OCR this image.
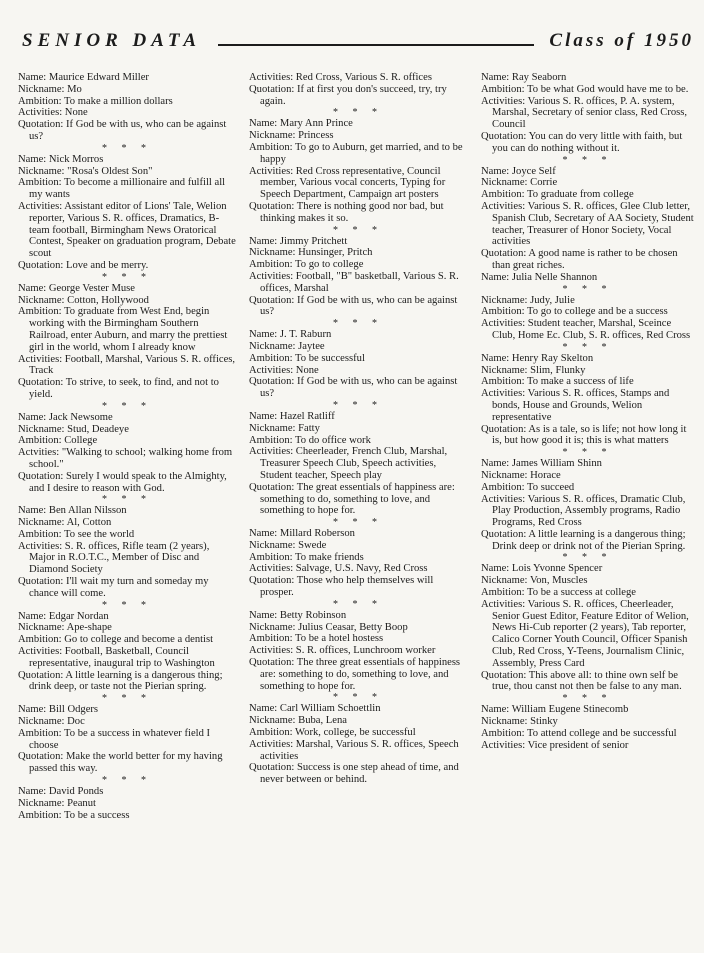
SENIOR DATA	Class of 1950
Name: Maurice Edward Miller
Nickname: Mo
Ambition: To make a million dollars
Activities: None
Quotation: If God be with us, who can be against us?
* * *
Name: Nick Morros
Nickname: "Rosa's Oldest Son"
Ambition: To become a millionaire and fulfill all my wants
Activities: Assistant editor of Lions' Tale, Welion reporter, Various S. R. offices, Dramatics, B-team football, Birmingham News Oratorical Contest, Speaker on graduation program, Debate scout
Quotation: Love and be merry.
* * *
Name: George Vester Muse
Nickname: Cotton, Hollywood
Ambition: To graduate from West End, begin working with the Birmingham Southern Railroad, enter Auburn, and marry the prettiest girl in the world, whom I already know
Activities: Football, Marshal, Various S. R. offices, Track
Quotation: To strive, to seek, to find, and not to yield.
* * *
Name: Jack Newsome
Nickname: Stud, Deadeye
Ambition: College
Actvities: "Walking to school; walking home from school."
Quotation: Surely I would speak to the Almighty, and I desire to reason with God.
* * *
Name: Ben Allan Nilsson
Nickname: Al, Cotton
Ambition: To see the world
Activities: S. R. offices, Rifle team (2 years), Major in R.O.T.C., Member of Disc and Diamond Society
Quotation: I'll wait my turn and someday my chance will come.
* * *
Name: Edgar Nordan
Nickname: Ape-shape
Ambition: Go to college and become a dentist
Activities: Football, Basketball, Council representative, inaugural trip to Washington
Quotation: A little learning is a dangerous thing; drink deep, or taste not the Pierian spring.
* * *
Name: Bill Odgers
Nickname: Doc
Ambition: To be a success in whatever field I choose
Quotation: Make the world better for my having passed this way.
* * *
Name: David Ponds
Nickname: Peanut
Ambition: To be a success
Activities: Red Cross, Various S. R. offices
Quotation: If at first you don's succeed, try, try again.
* * *
Name: Mary Ann Prince
Nickname: Princess
Ambition: To go to Auburn, get married, and to be happy
Activities: Red Cross representative, Council member, Various vocal concerts, Typing for Speech Department, Campaign art posters
Quotation: There is nothing good nor bad, but thinking makes it so.
* * *
Name: Jimmy Pritchett
Nickname: Hunsinger, Pritch
Ambition: To go to college
Activities: Football, "B" basketball, Various S. R. offices, Marshal
Quotation: If God be with us, who can be against us?
* * *
Name: J. T. Raburn
Nickname: Jaytee
Ambition: To be successful
Activities: None
Quotation: If God be with us, who can be against us?
* * *
Name: Hazel Ratliff
Nickname: Fatty
Ambition: To do office work
Activities: Cheerleader, French Club, Marshal, Treasurer Speech Club, Speech activities, Student teacher, Speech play
Quotation: The great essentials of happiness are: something to do, something to love, and something to hope for.
* * *
Name: Millard Roberson
Nickname: Swede
Ambition: To make friends
Activities: Salvage, U.S. Navy, Red Cross
Quotation: Those who help themselves will prosper.
* * *
Name: Betty Robinson
Nickname: Julius Ceasar, Betty Boop
Ambition: To be a hotel hostess
Activities: S. R. offices, Lunchroom worker
Quotation: The three great essentials of happiness are: something to do, something to love, and something to hope for.
* * *
Name: Carl William Schoettlin
Nickname: Buba, Lena
Ambition: Work, college, be successful
Activities: Marshal, Various S. R. offices, Speech activities
Quotation: Success is one step ahead of time, and never between or behind.
Name: Ray Seaborn
Ambition: To be what God would have me to be.
Activities: Various S. R. offices, P. A. system, Marshal, Secretary of senior class, Red Cross, Council
Quotation: You can do very little with faith, but you can do nothing without it.
* * *
Name: Joyce Self
Nickname: Corrie
Ambition: To graduate from college
Activities: Various S. R. offices, Glee Club letter, Spanish Club, Secretary of AA Society, Student teacher, Treasurer of Honor Society, Vocal activities
Quotation: A good name is rather to be chosen than great riches.
Name: Julia Nelle Shannon
* * *
Nickname: Judy, Julie
Ambition: To go to college and be a success
Activities: Student teacher, Marshal, Sceince Club, Home Ec. Club, S. R. offices, Red Cross
* * *
Name: Henry Ray Skelton
Nickname: Slim, Flunky
Ambition: To make a success of life
Activities: Various S. R. offices, Stamps and bonds, House and Grounds, Welion representative
Quotation: As is a tale, so is life; not how long it is, but how good it is; this is what matters
* * *
Name: James William Shinn
Nickname: Horace
Ambition: To succeed
Activities: Various S. R. offices, Dramatic Club, Play Production, Assembly programs, Radio Programs, Red Cross
Quotation: A little learning is a dangerous thing; Drink deep or drink not of the Pierian Spring.
* * *
Name: Lois Yvonne Spencer
Nickname: Von, Muscles
Ambition: To be a success at college
Activities: Various S. R. offices, Cheerleader, Senior Guest Editor, Feature Editor of Welion, News Hi-Cub reporter (2 years), Tab reporter, Calico Corner Youth Council, Officer Spanish Club, Red Cross, Y-Teens, Journalism Clinic, Assembly, Press Card
Quotation: This above all: to thine own self be true, thou canst not then be false to any man.
* * *
Name: William Eugene Stinecomb
Nickname: Stinky
Ambition: To attend college and be successful
Activities: Vice president of senior
